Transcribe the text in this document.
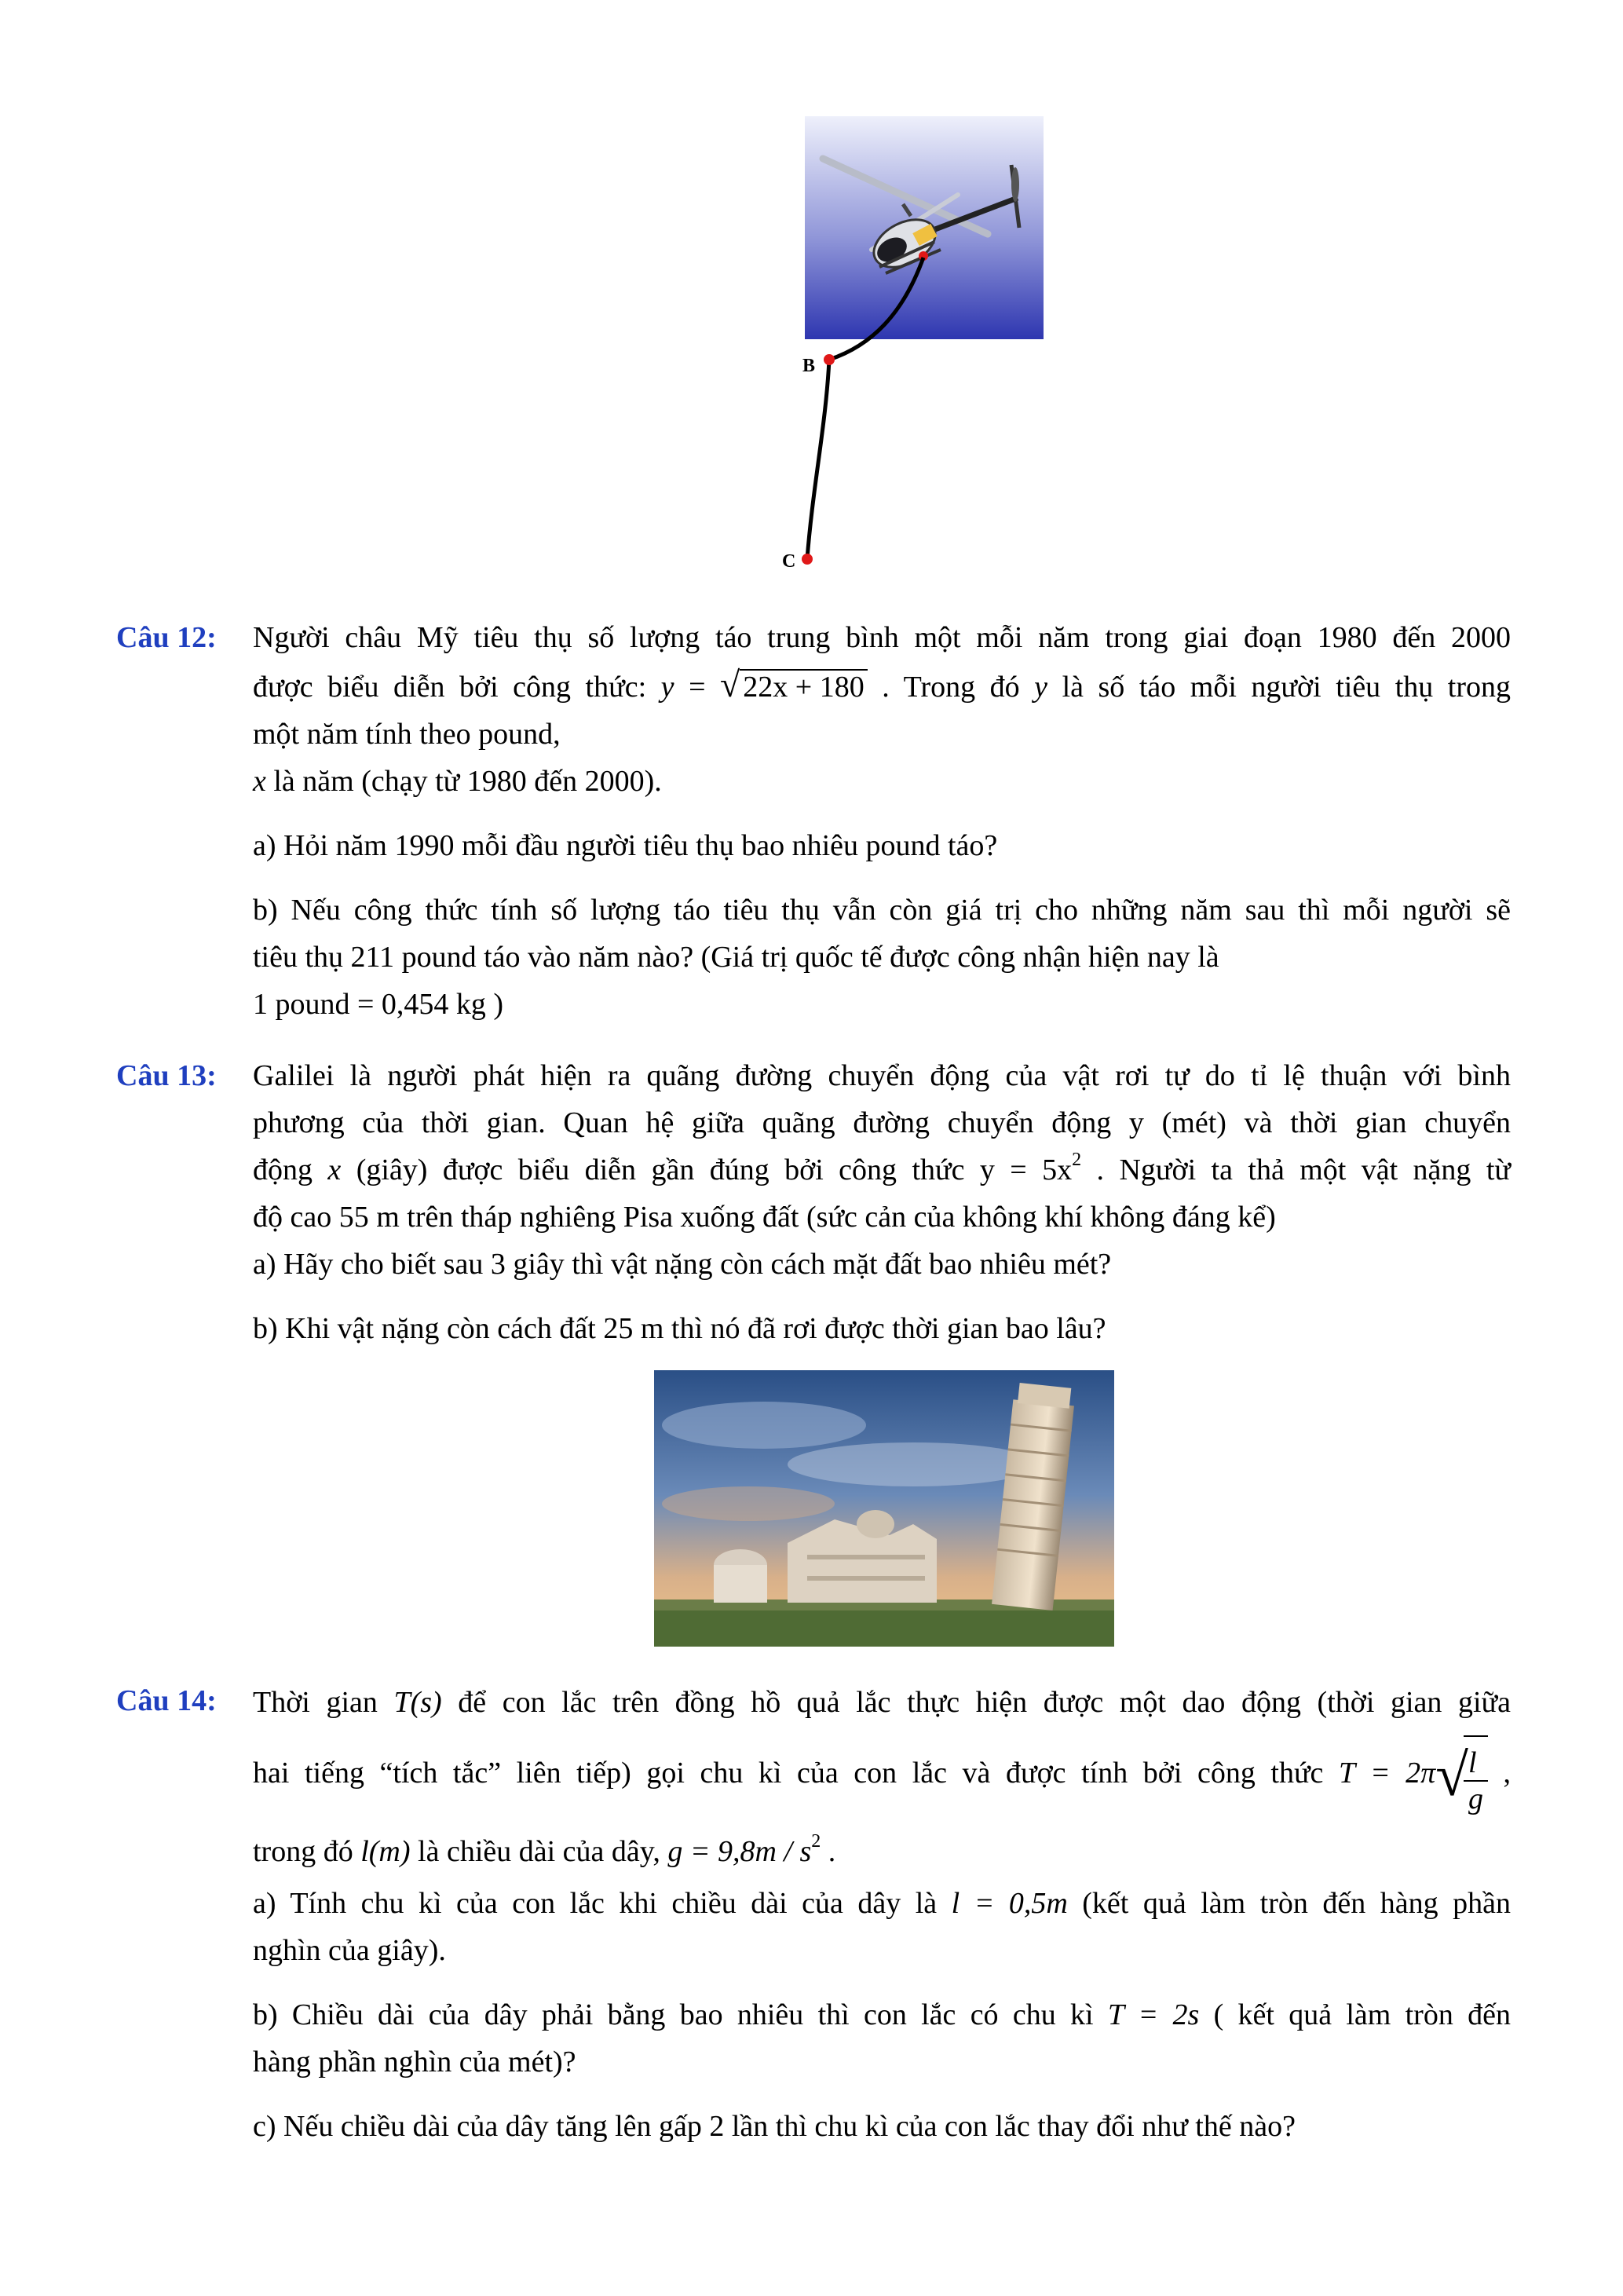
B
C
Câu 12: Người châu Mỹ tiêu thụ số lượng táo trung bình một mỗi năm trong giai đoạn 1980 đến 2000

được biểu diễn bởi công thức: y = √ 22x + 180 . Trong đó y là số táo mỗi người tiêu thụ trong

một năm tính theo pound,

x là năm (chạy từ 1980 đến 2000).

a) Hỏi năm 1990 mỗi đầu người tiêu thụ bao nhiêu pound táo?

b) Nếu công thức tính số lượng táo tiêu thụ vẫn còn giá trị cho những năm sau thì mỗi người sẽ

tiêu thụ 211 pound táo vào năm nào? (Giá trị quốc tế được công nhận hiện nay là

1 pound = 0,454 kg )

Câu 13: Galilei là người phát hiện ra quãng đường chuyển động của vật rơi tự do tỉ lệ thuận với bình

phương của thời gian. Quan hệ giữa quãng đường chuyển động y (mét) và thời gian chuyển

động x (giây) được biểu diễn gần đúng bởi công thức $y = 5x^2$ . Người ta thả một vật nặng từ

độ cao 55 m trên tháp nghiêng Pisa xuống đất (sức cản của không khí không đáng kể)

a) Hãy cho biết sau 3 giây thì vật nặng còn cách mặt đất bao nhiêu mét?

b) Khi vật nặng còn cách đất 25 m thì nó đã rơi được thời gian bao lâu?

Câu 14: Thời gian T(s) để con lắc trên đồng hồ quả lắc thực hiện được một dao động (thời gian giữa

hai tiếng “tích tắc” liên tiếp) gọi chu kì của con lắc và được tính bởi công thức T = 2π√
$\frac{l}{g}$ ,

trong đó l(m) là chiều dài của dây, $g = 9,8m / s^2$ .

a) Tính chu kì của con lắc khi chiều dài của dây là l = 0,5m (kết quả làm tròn đến hàng phần

nghìn của giây).

b) Chiều dài của dây phải bằng bao nhiêu thì con lắc có chu kì T = 2s ( kết quả làm tròn đến

hàng phần nghìn của mét)?

c) Nếu chiều dài của dây tăng lên gấp 2 lần thì chu kì của con lắc thay đổi như thế nào?
